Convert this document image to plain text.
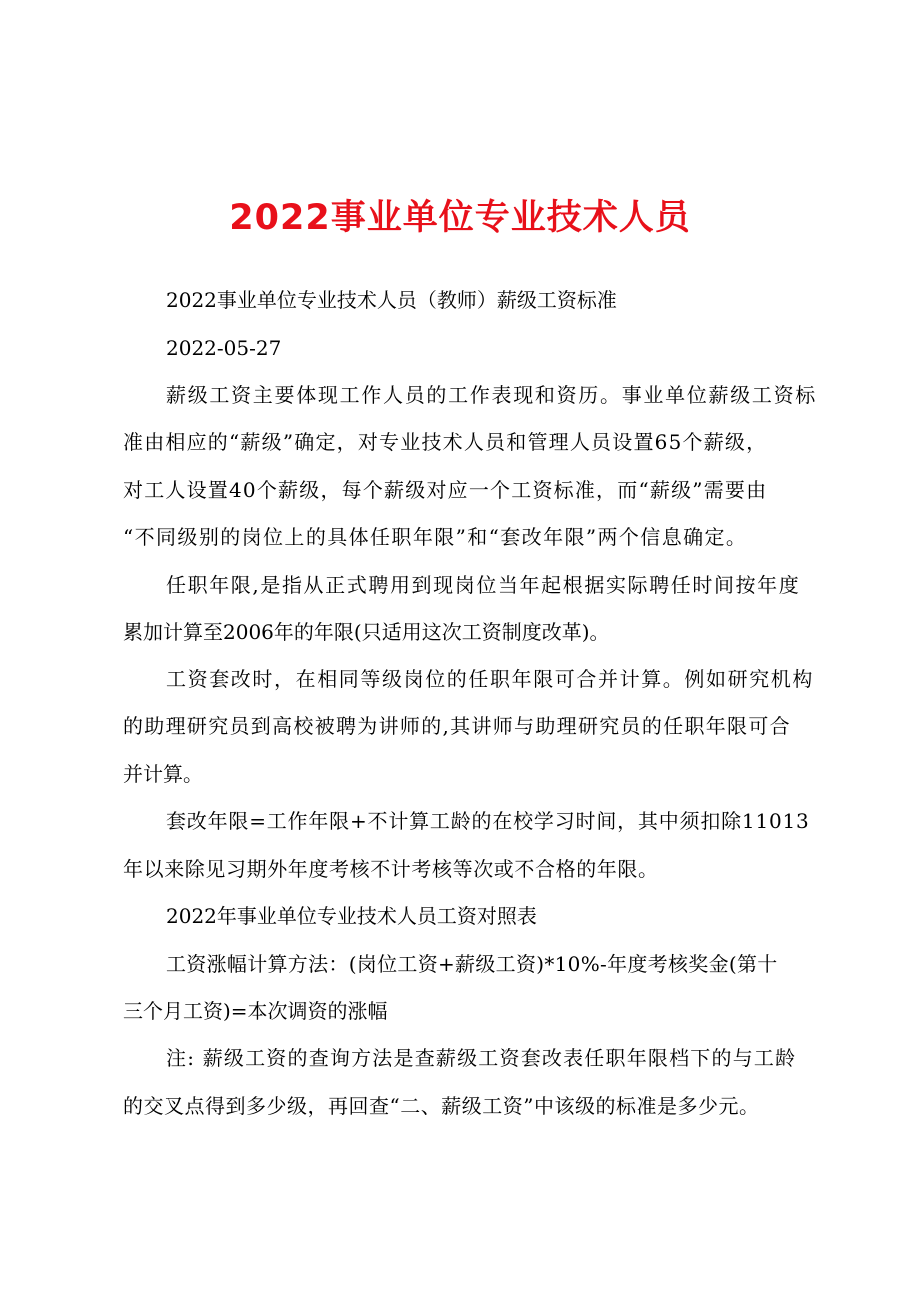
2022事业单位专业技术人员
2022事业单位专业技术人员（教师）薪级工资标准
2022-05-27
薪级工资主要体现工作人员的工作表现和资历。事业单位薪级工资标
准由相应的“薪级”确定，对专业技术人员和管理人员设置65个薪级，
对工人设置40个薪级，每个薪级对应一个工资标准，而“薪级”需要由
“不同级别的岗位上的具体任职年限”和“套改年限”两个信息确定。
任职年限,是指从正式聘用到现岗位当年起根据实际聘任时间按年度
累加计算至2006年的年限(只适用这次工资制度改革)。
工资套改时，在相同等级岗位的任职年限可合并计算。例如研究机构
的助理研究员到高校被聘为讲师的,其讲师与助理研究员的任职年限可合
并计算。
套改年限=工作年限+不计算工龄的在校学习时间，其中须扣除11013
年以来除见习期外年度考核不计考核等次或不合格的年限。
2022年事业单位专业技术人员工资对照表
工资涨幅计算方法：(岗位工资+薪级工资)*10%-年度考核奖金(第十
三个月工资)=本次调资的涨幅
注: 薪级工资的查询方法是查薪级工资套改表任职年限档下的与工龄
的交叉点得到多少级，再回查“二、薪级工资”中该级的标准是多少元。
